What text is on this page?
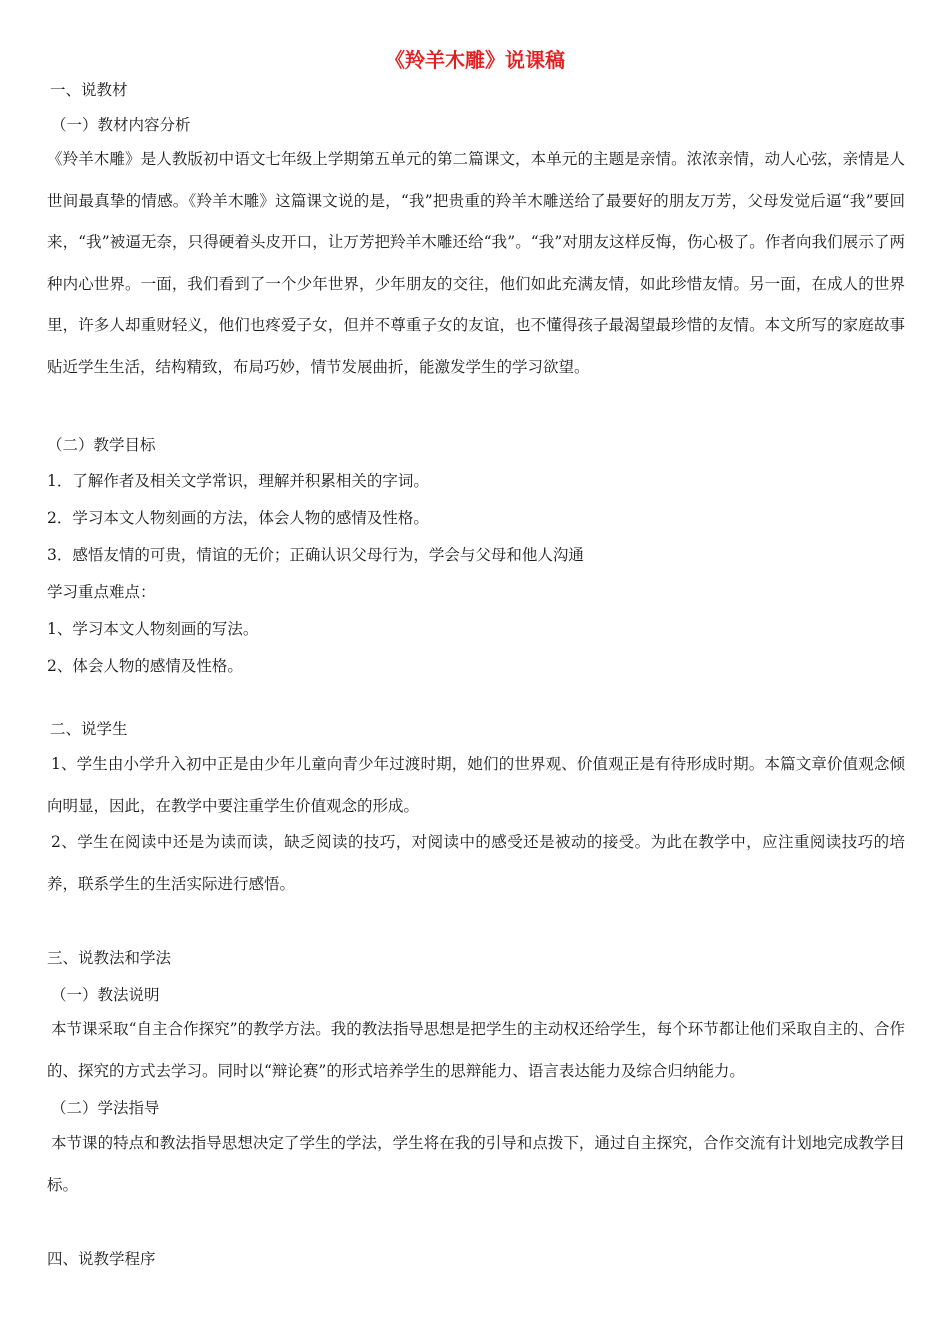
《羚羊木雕》说课稿
一、说教材
（一）教材内容分析
《羚羊木雕》是人教版初中语文七年级上学期第五单元的第二篇课文，本单元的主题是亲情。浓浓亲情，动人心弦，亲情是人世间最真挚的情感。《羚羊木雕》这篇课文说的是，“我”把贵重的羚羊木雕送给了最要好的朋友万芳，父母发觉后逼“我”要回来，“我”被逼无奈，只得硬着头皮开口，让万芳把羚羊木雕还给“我”。“我”对朋友这样反悔，伤心极了。作者向我们展示了两种内心世界。一面，我们看到了一个少年世界，少年朋友的交往，他们如此充满友情，如此珍惜友情。另一面，在成人的世界里，许多人却重财轻义，他们也疼爱子女，但并不尊重子女的友谊，也不懂得孩子最渴望最珍惜的友情。本文所写的家庭故事贴近学生生活，结构精致，布局巧妙，情节发展曲折，能激发学生的学习欲望。
（二）教学目标
1．了解作者及相关文学常识，理解并积累相关的字词。
2．学习本文人物刻画的方法，体会人物的感情及性格。
3．感悟友情的可贵，情谊的无价；正确认识父母行为，学会与父母和他人沟通
学习重点难点：
1、学习本文人物刻画的写法。
2、体会人物的感情及性格。
二、说学生
1、学生由小学升入初中正是由少年儿童向青少年过渡时期，她们的世界观、价值观正是有待形成时期。本篇文章价值观念倾向明显，因此，在教学中要注重学生价值观念的形成。
2、学生在阅读中还是为读而读，缺乏阅读的技巧，对阅读中的感受还是被动的接受。为此在教学中，应注重阅读技巧的培养，联系学生的生活实际进行感悟。
三、说教法和学法
（一）教法说明
本节课采取“自主合作探究”的教学方法。我的教法指导思想是把学生的主动权还给学生，每个环节都让他们采取自主的、合作的、探究的方式去学习。同时以“辩论赛”的形式培养学生的思辩能力、语言表达能力及综合归纳能力。
（二）学法指导
本节课的特点和教法指导思想决定了学生的学法，学生将在我的引导和点拨下，通过自主探究，合作交流有计划地完成教学目标。
四、说教学程序
